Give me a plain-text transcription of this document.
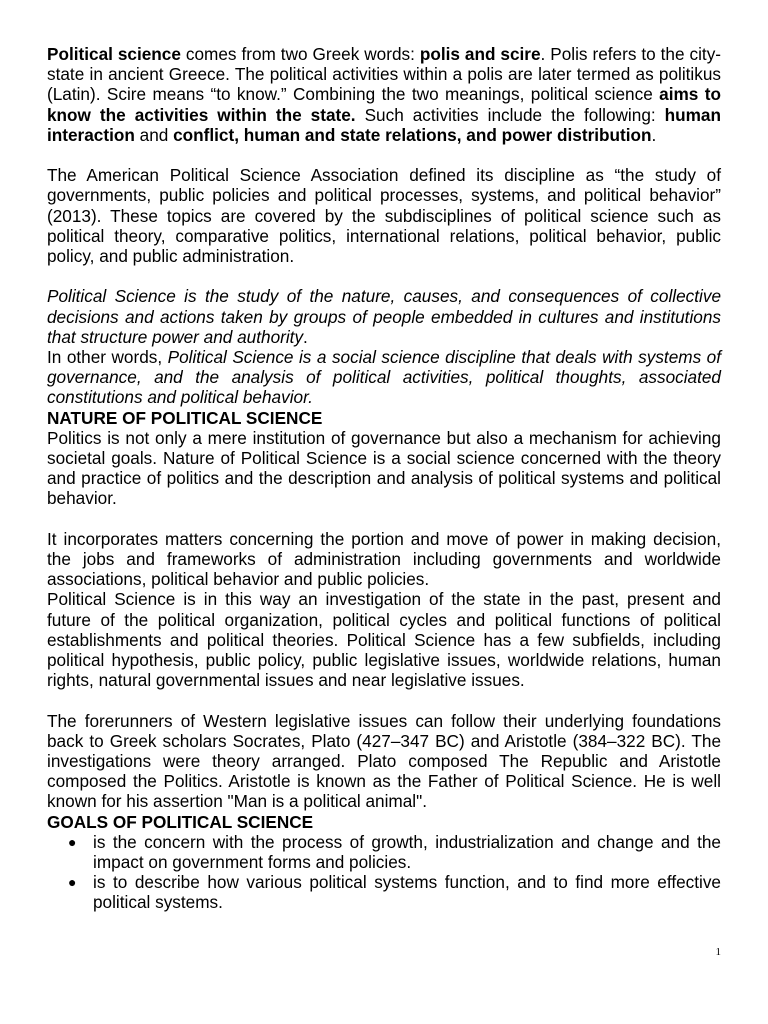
Political science comes from two Greek words: polis and scire. Polis refers to the city-state in ancient Greece. The political activities within a polis are later termed as politikus (Latin). Scire means “to know.” Combining the two meanings, political science aims to know the activities within the state. Such activities include the following: human interaction and conflict, human and state relations, and power distribution.

The American Political Science Association defined its discipline as “the study of governments, public policies and political processes, systems, and political behavior” (2013). These topics are covered by the subdisciplines of political science such as political theory, comparative politics, international relations, political behavior, public policy, and public administration.

Political Science is the study of the nature, causes, and consequences of collective decisions and actions taken by groups of people embedded in cultures and institutions that structure power and authority.

In other words, Political Science is a social science discipline that deals with systems of governance, and the analysis of political activities, political thoughts, associated constitutions and political behavior.

NATURE OF POLITICAL SCIENCE

Politics is not only a mere institution of governance but also a mechanism for achieving societal goals. Nature of Political Science is a social science concerned with the theory and practice of politics and the description and analysis of political systems and political behavior.

It incorporates matters concerning the portion and move of power in making decision, the jobs and frameworks of administration including governments and worldwide associations, political behavior and public policies.

Political Science is in this way an investigation of the state in the past, present and future of the political organization, political cycles and political functions of political establishments and political theories. Political Science has a few subfields, including political hypothesis, public policy, public legislative issues, worldwide relations, human rights, natural governmental issues and near legislative issues.

The forerunners of Western legislative issues can follow their underlying foundations back to Greek scholars Socrates, Plato (427–347 BC) and Aristotle (384–322 BC). The investigations were theory arranged. Plato composed The Republic and Aristotle composed the Politics. Aristotle is known as the Father of Political Science. He is well known for his assertion "Man is a political animal".

GOALS OF POLITICAL SCIENCE

● is the concern with the process of growth, industrialization and change and the impact on government forms and policies.
● is to describe how various political systems function, and to find more effective political systems.
1
